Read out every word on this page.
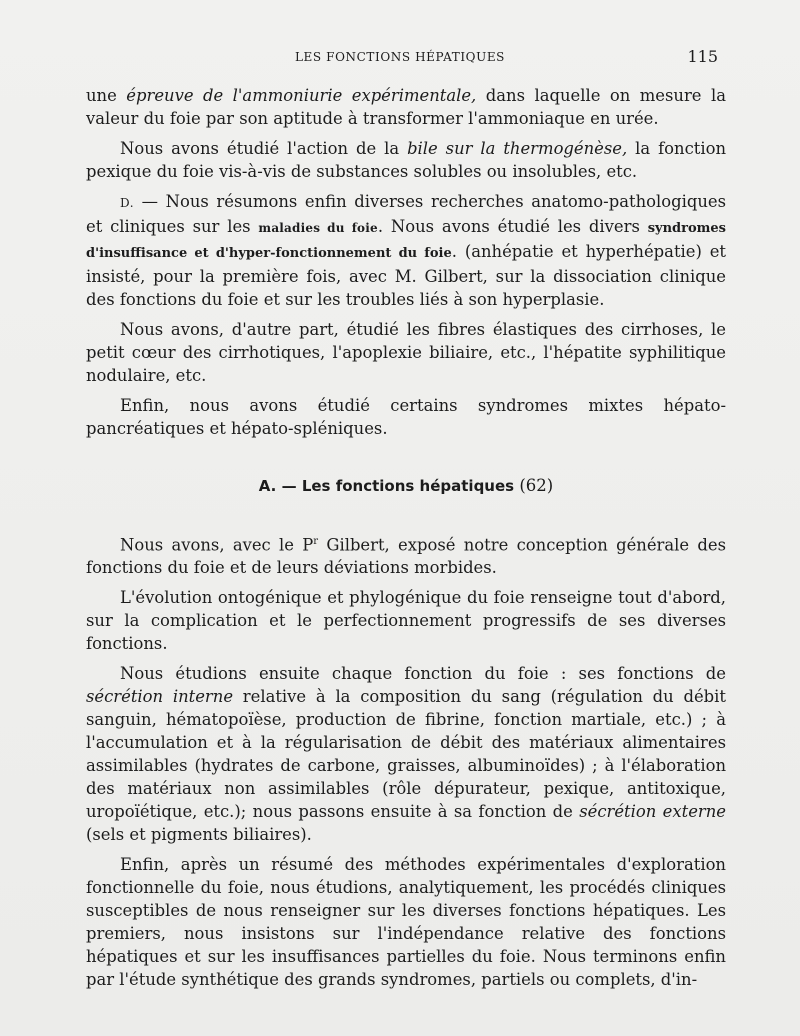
LES FONCTIONS HÉPATIQUES	115

une épreuve de l'ammoniurie expérimentale, dans laquelle on mesure la valeur du foie par son aptitude à transformer l'ammoniaque en urée.

Nous avons étudié l'action de la bile sur la thermogénèse, la fonction pexique du foie vis-à-vis de substances solubles ou insolubles, etc.

D. — Nous résumons enfin diverses recherches anatomo-pathologiques et cliniques sur les maladies du foie. Nous avons étudié les divers syndromes d'insuffisance et d'hyper-fonctionnement du foie. (anhépatie et hyperhépatie) et insisté, pour la première fois, avec M. Gilbert, sur la dissociation clinique des fonctions du foie et sur les troubles liés à son hyperplasie.

Nous avons, d'autre part, étudié les fibres élastiques des cirrhoses, le petit cœur des cirrhotiques, l'apoplexie biliaire, etc., l'hépatite syphilitique nodulaire, etc.

Enfin, nous avons étudié certains syndromes mixtes hépato-pancréatiques et hépato-spléniques.

A. — Les fonctions hépatiques (62)

Nous avons, avec le $P^r$ Gilbert, exposé notre conception générale des fonctions du foie et de leurs déviations morbides.

L'évolution ontogénique et phylogénique du foie renseigne tout d'abord, sur la complication et le perfectionnement progressifs de ses diverses fonctions.

Nous étudions ensuite chaque fonction du foie : ses fonctions de sécrétion interne relative à la composition du sang (régulation du débit sanguin, hématopoïèse, production de fibrine, fonction martiale, etc.) ; à l'accumulation et à la régularisation de débit des matériaux alimentaires assimilables (hydrates de carbone, graisses, albuminoïdes) ; à l'élaboration des matériaux non assimilables (rôle dépurateur, pexique, antitoxique, uropoïétique, etc.); nous passons ensuite à sa fonction de sécrétion externe (sels et pigments biliaires).

Enfin, après un résumé des méthodes expérimentales d'exploration fonctionnelle du foie, nous étudions, analytiquement, les procédés cliniques susceptibles de nous renseigner sur les diverses fonctions hépatiques. Les premiers, nous insistons sur l'indépendance relative des fonctions hépatiques et sur les insuffisances partielles du foie. Nous terminons enfin par l'étude synthétique des grands syndromes, partiels ou complets, d'in-
